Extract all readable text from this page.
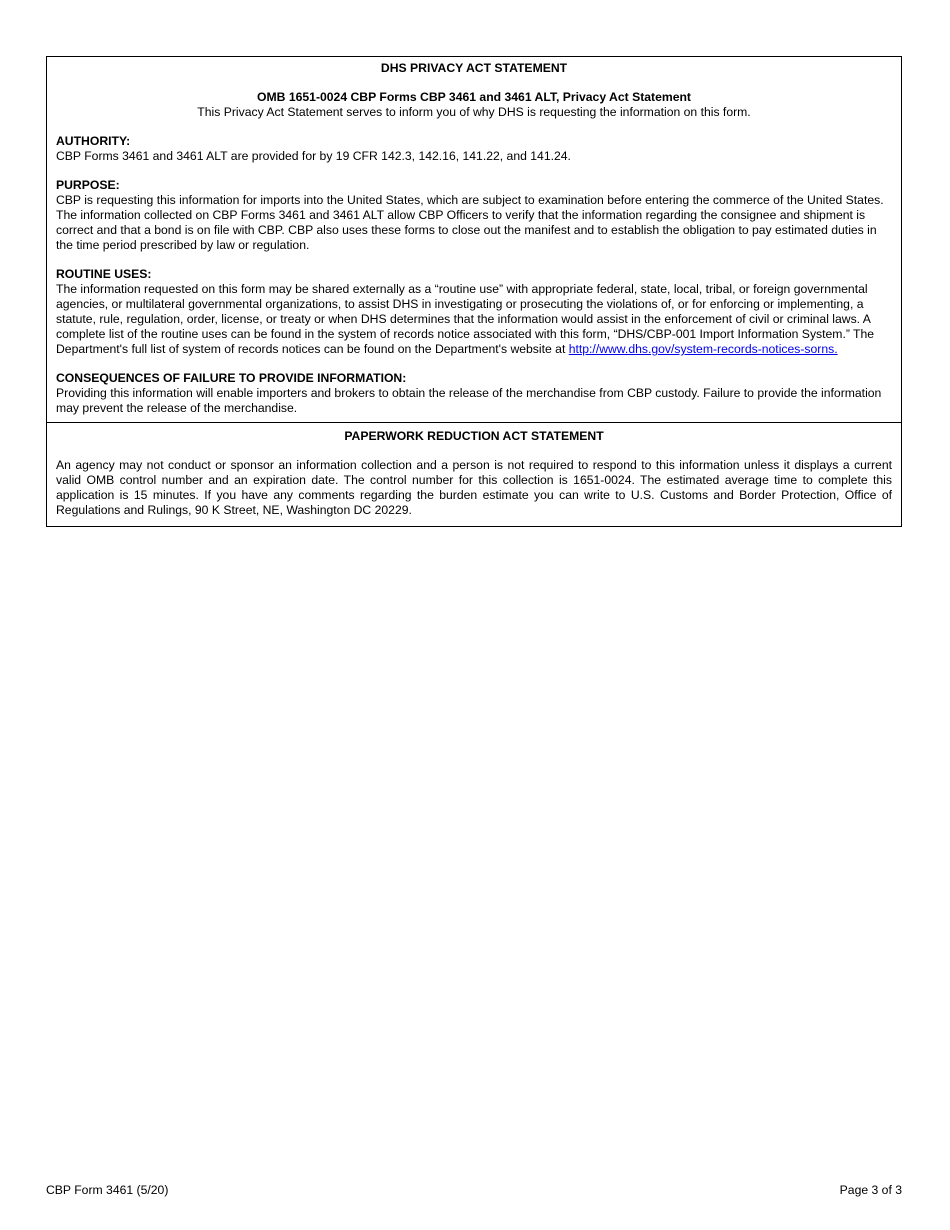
DHS PRIVACY ACT STATEMENT
OMB 1651-0024 CBP Forms CBP 3461 and 3461 ALT, Privacy Act Statement
This Privacy Act Statement serves to inform you of why DHS is requesting the information on this form.
AUTHORITY:
CBP Forms 3461 and 3461 ALT are provided for by 19 CFR 142.3, 142.16, 141.22, and 141.24.
PURPOSE:
CBP is requesting this information for imports into the United States, which are subject to examination before entering the commerce of the United States. The information collected on CBP Forms 3461 and 3461 ALT allow CBP Officers to verify that the information regarding the consignee and shipment is correct and that a bond is on file with CBP. CBP also uses these forms to close out the manifest and to establish the obligation to pay estimated duties in the time period prescribed by law or regulation.
ROUTINE USES:
The information requested on this form may be shared externally as a “routine use” with appropriate federal, state, local, tribal, or foreign governmental agencies, or multilateral governmental organizations, to assist DHS in investigating or prosecuting the violations of, or for enforcing or implementing, a statute, rule, regulation, order, license, or treaty or when DHS determines that the information would assist in the enforcement of civil or criminal laws. A complete list of the routine uses can be found in the system of records notice associated with this form, “DHS/CBP-001 Import Information System.” The Department's full list of system of records notices can be found on the Department's website at http://www.dhs.gov/system-records-notices-sorns.
CONSEQUENCES OF FAILURE TO PROVIDE INFORMATION:
Providing this information will enable importers and brokers to obtain the release of the merchandise from CBP custody. Failure to provide the information may prevent the release of the merchandise.
PAPERWORK REDUCTION ACT STATEMENT
An agency may not conduct or sponsor an information collection and a person is not required to respond to this information unless it displays a current valid OMB control number and an expiration date. The control number for this collection is 1651-0024. The estimated average time to complete this application is 15 minutes. If you have any comments regarding the burden estimate you can write to U.S. Customs and Border Protection, Office of Regulations and Rulings, 90 K Street, NE, Washington DC 20229.
CBP Form 3461 (5/20)	Page 3 of 3
